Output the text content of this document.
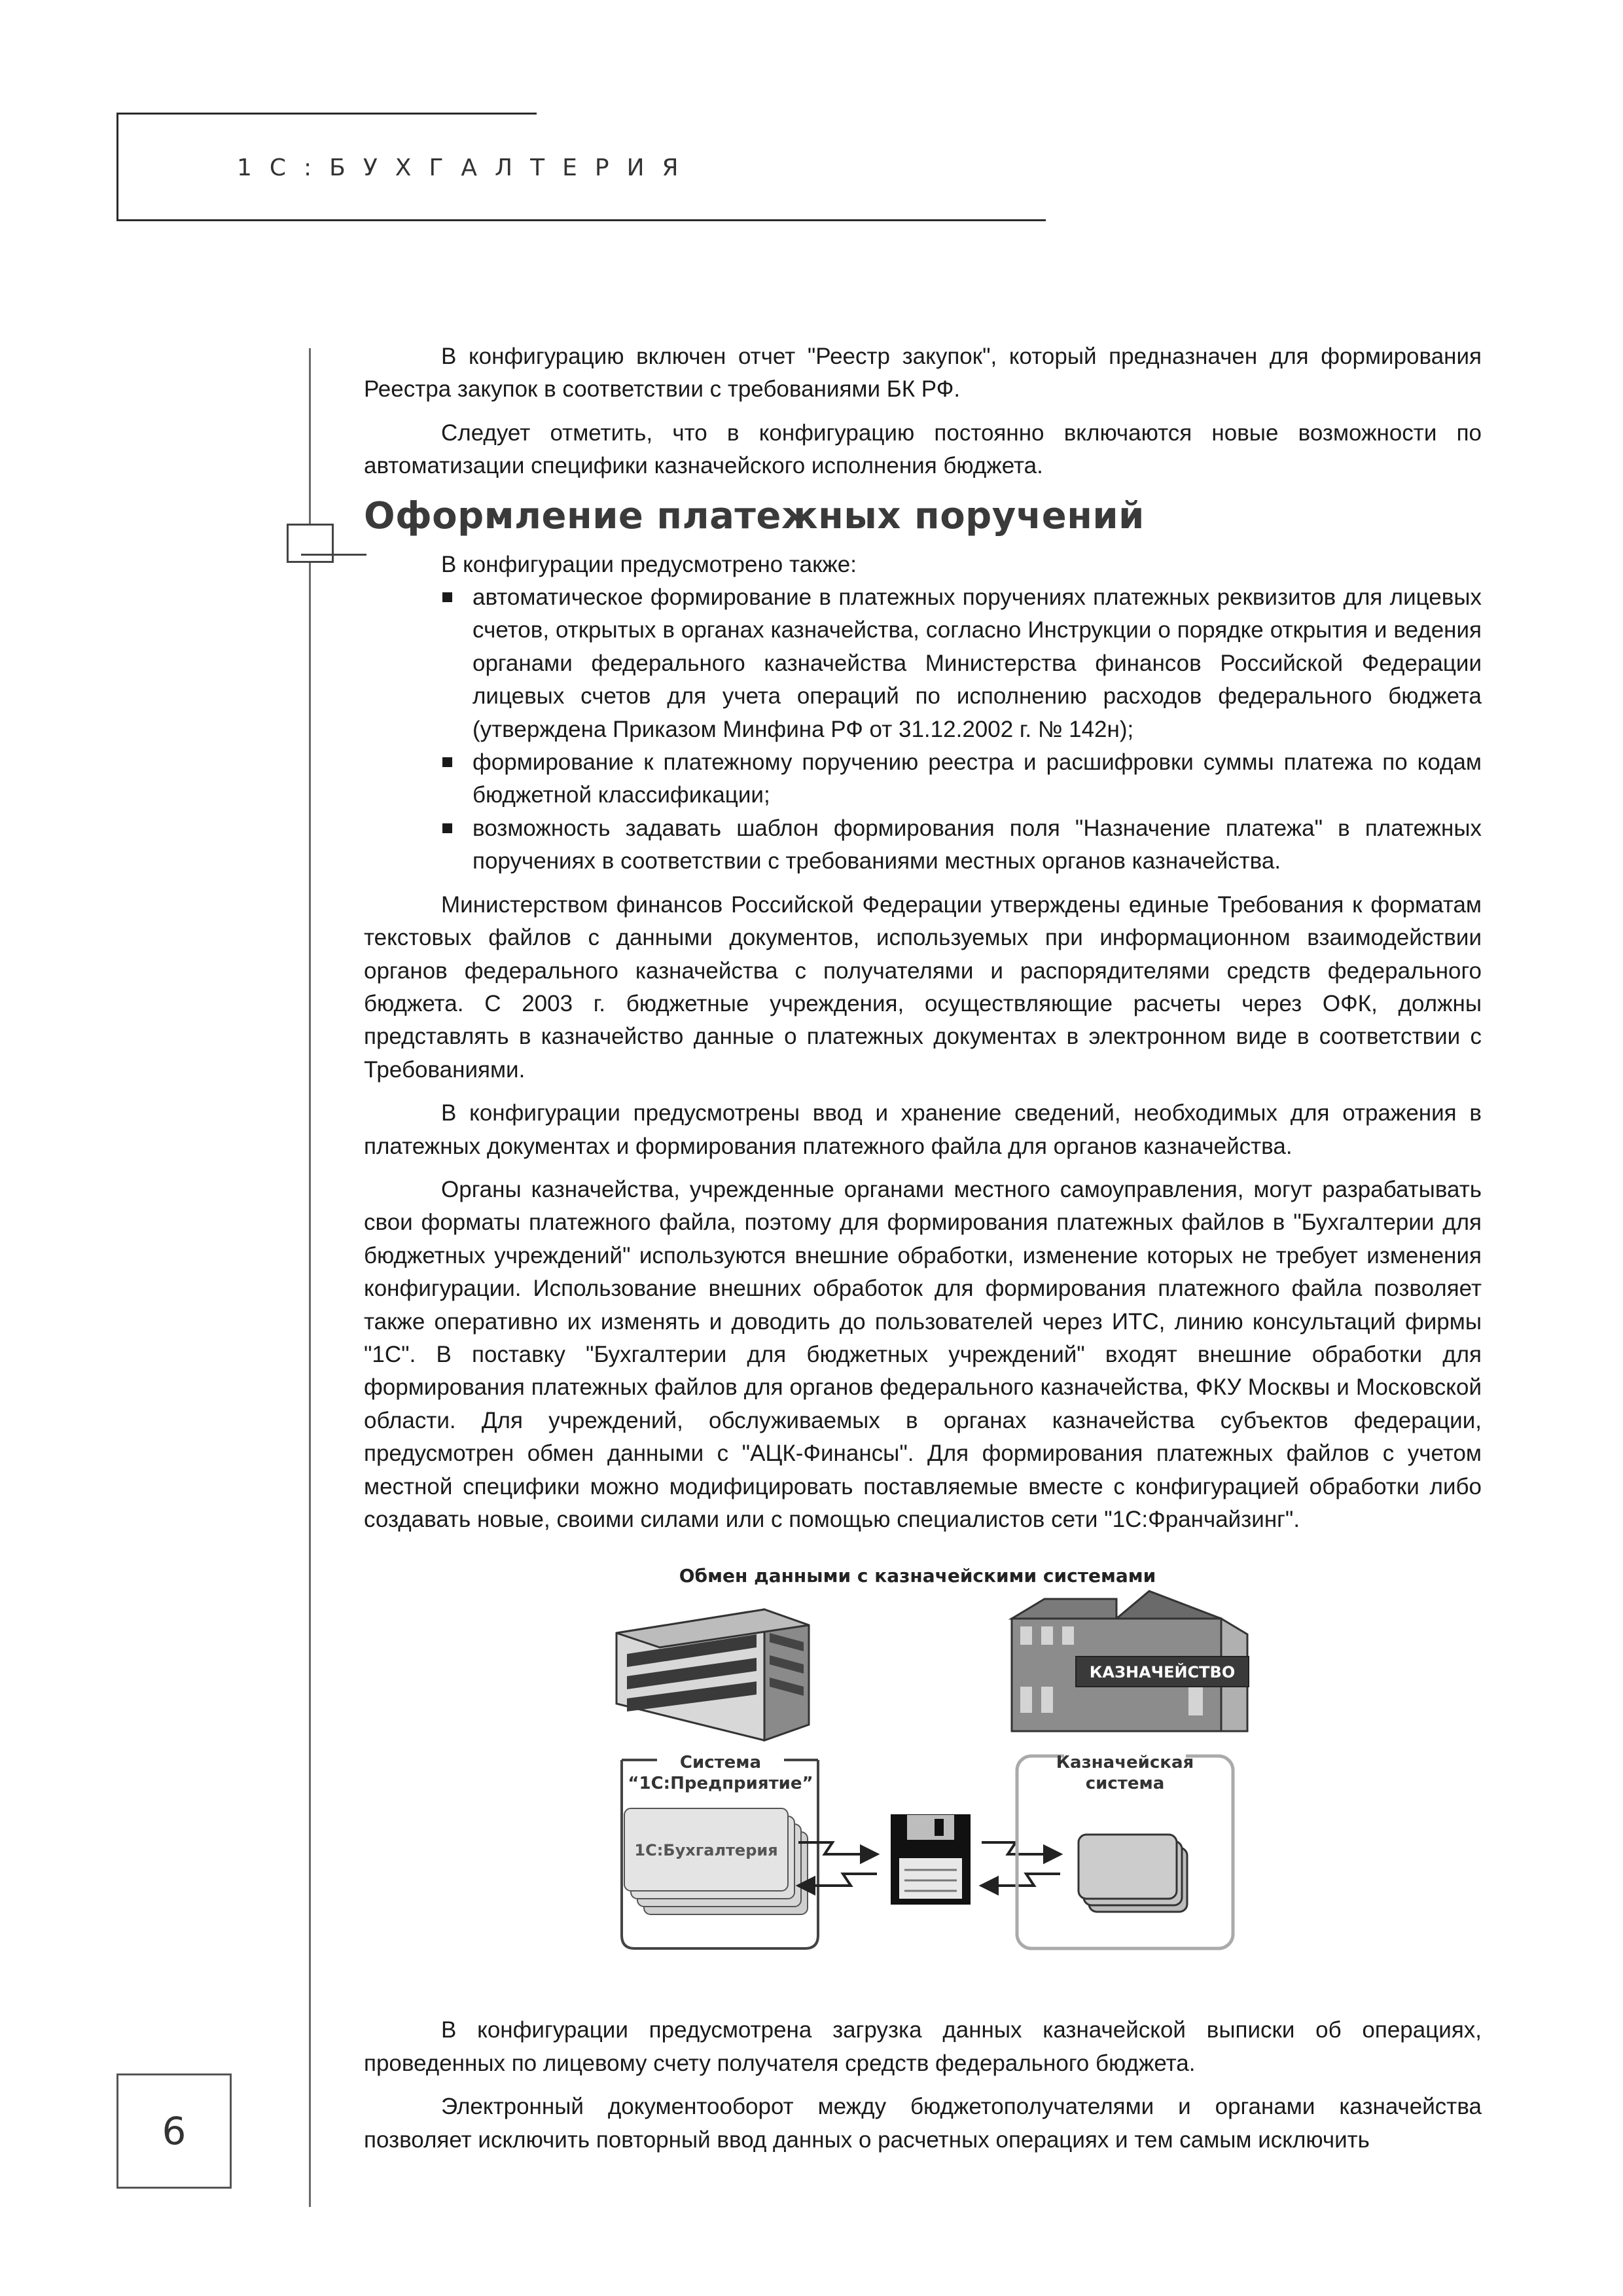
1С:БУХГАЛТЕРИЯ

В конфигурацию включен отчет "Реестр закупок", который предназначен для формирования Реестра закупок в соответствии с требованиями БК РФ.

Следует отметить, что в конфигурацию постоянно включаются новые возможности по автоматизации специфики казначейского исполнения бюджета.

Оформление платежных поручений

В конфигурации предусмотрено также:

автоматическое формирование в платежных поручениях платежных реквизитов для лицевых счетов, открытых в органах казначейства, согласно Инструкции о порядке открытия и ведения органами федерального казначейства Министерства финансов Российской Федерации лицевых счетов для учета операций по исполнению расходов федерального бюджета (утверждена Приказом Минфина РФ от 31.12.2002 г. № 142н);
формирование к платежному поручению реестра и расшифровки суммы платежа по кодам бюджетной классификации;
возможность задавать шаблон формирования поля "Назначение платежа" в платежных поручениях в соответствии с требованиями местных органов казначейства.

Министерством финансов Российской Федерации утверждены единые Требования к форматам текстовых файлов с данными документов, используемых при информационном взаимодействии органов федерального казначейства с получателями и распорядителями средств федерального бюджета. С 2003 г. бюджетные учреждения, осуществляющие расчеты через ОФК, должны представлять в казначейство данные о платежных документах в электронном виде в соответствии с Требованиями.

В конфигурации предусмотрены ввод и хранение сведений, необходимых для отражения в платежных документах и формирования платежного файла для органов казначейства.

Органы казначейства, учрежденные органами местного самоуправления, могут разрабатывать свои форматы платежного файла, поэтому для формирования платежных файлов в "Бухгалтерии для бюджетных учреждений" используются внешние обработки, изменение которых не требует изменения конфигурации. Использование внешних обработок для формирования платежного файла позволяет также оперативно их изменять и доводить до пользователей через ИТС, линию консультаций фирмы "1С". В поставку "Бухгалтерии для бюджетных учреждений" входят внешние обработки для формирования платежных файлов для органов федерального казначейства, ФКУ Москвы и Московской области. Для учреждений, обслуживаемых в органах казначейства субъектов федерации, предусмотрен обмен данными с "АЦК-Финансы". Для формирования платежных файлов с учетом местной специфики можно модифицировать поставляемые вместе с конфигурацией обработки либо создавать новые, своими силами или с помощью специалистов сети "1С:Франчайзинг".

Обмен данными с казначейскими системами
КАЗНАЧЕЙСТВО
Система
“1С:Предприятие”
1С:Бухгалтерия
Казначейская
система

В конфигурации предусмотрена загрузка данных казначейской выписки об операциях, проведенных по лицевому счету получателя средств федерального бюджета.

Электронный документооборот между бюджетополучателями и органами казначейства позволяет исключить повторный ввод данных о расчетных операциях и тем самым исключить

6
